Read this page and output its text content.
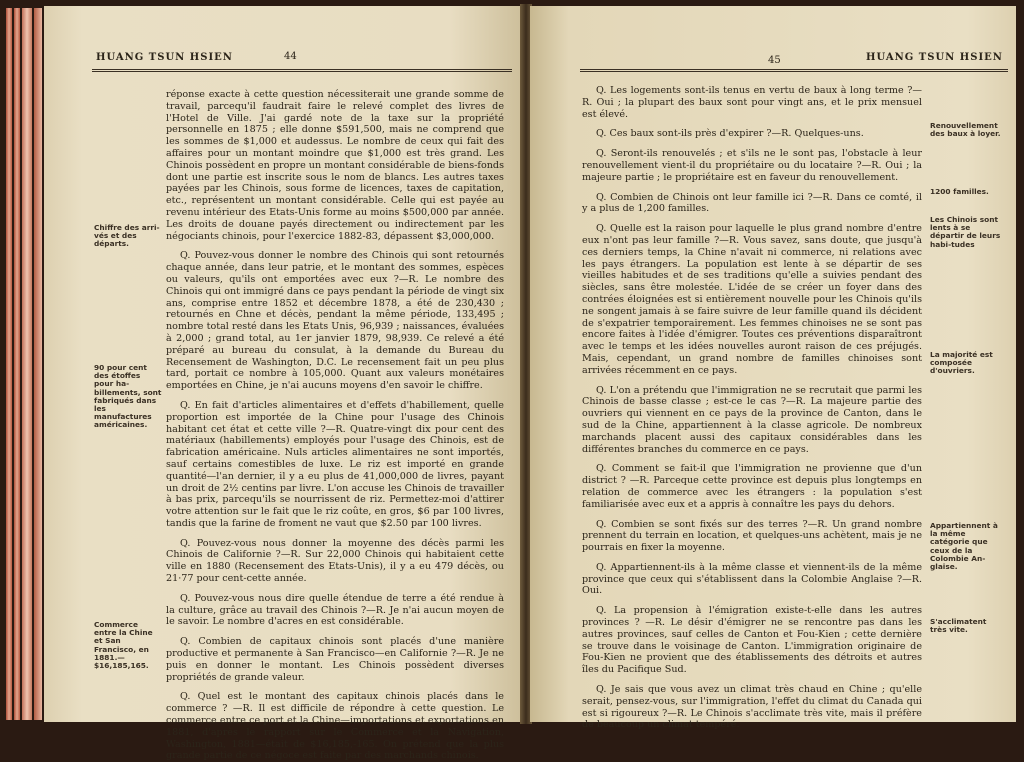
HUANG TSUN HSIEN	44

réponse exacte à cette question nécessiterait une grande somme de travail, parcequ'il faudrait faire le relevé complet des livres de l'Hotel de Ville. J'ai gardé note de la taxe sur la propriété personnelle en 1875 ; elle donne $591,500, mais ne comprend que les sommes de $1,000 et audessus. Le nombre de ceux qui fait des affaires pour un montant moindre que $1,000 est très grand. Les Chinois possèdent en propre un montant considérable de biens-fonds dont une partie est inscrite sous le nom de blancs. Les autres taxes payées par les Chinois, sous forme de licences, taxes de capitation, etc., représentent un montant considérable. Celle qui est payée au revenu intérieur des Etats-Unis forme au moins $500,000 par année. Les droits de douane payés directement ou indirectement par les négociants chinois, pour l'exercice 1882-83, dépassent $3,000,000.

Q. Pouvez-vous donner le nombre des Chinois qui sont retournés chaque année, dans leur patrie, et le montant des sommes, espèces ou valeurs, qu'ils ont emportées avec eux ?—R. Le nombre des Chinois qui ont immigré dans ce pays pendant la période de vingt six ans, comprise entre 1852 et décembre 1878, a été de 230,430 ; retournés en Chne et décès, pendant la même période, 133,495 ; nombre total resté dans les Etats Unis, 96,939 ; naissances, évaluées à 2,000 ; grand total, au 1er janvier 1879, 98,939. Ce relevé a été préparé au bureau du consulat, à la demande du Bureau du Recensement de Washington, D.C. Le recensement fait un peu plus tard, portait ce nombre à 105,000. Quant aux valeurs monétaires emportées en Chine, je n'ai aucuns moyens d'en savoir le chiffre.

Q. En fait d'articles alimentaires et d'effets d'habillement, quelle proportion est importée de la Chine pour l'usage des Chinois habitant cet état et cette ville ?—R. Quatre-vingt dix pour cent des matériaux (habillements) employés pour l'usage des Chinois, est de fabrication américaine. Nuls articles alimentaires ne sont importés, sauf certains comestibles de luxe. Le riz est importé en grande quantité—l'an dernier, il y a eu plus de 41,000,000 de livres, payant un droit de 2½ centins par livre. L'on accuse les Chinois de travailler à bas prix, parcequ'ils se nourrissent de riz. Permettez-moi d'attirer votre attention sur le fait que le riz coûte, en gros, $6 par 100 livres, tandis que la farine de froment ne vaut que $2.50 par 100 livres.

Q. Pouvez-vous nous donner la moyenne des décès parmi les Chinois de Californie ?—R. Sur 22,000 Chinois qui habitaient cette ville en 1880 (Recensement des Etats-Unis), il y a eu 479 décès, ou 21·77 pour cent-cette année.

Q. Pouvez-vous nous dire quelle étendue de terre a été rendue à la culture, grâce au travail des Chinois ?—R. Je n'ai aucun moyen de le savoir. Le nombre d'acres en est considérable.

Q. Combien de capitaux chinois sont placés d'une manière productive et permanente à San Francisco—en Californie ?—R. Je ne puis en donner le montant. Les Chinois possèdent diverses propriétés de grande valeur.

Q. Quel est le montant des capitaux chinois placés dans le commerce ? —R. Il est difficile de répondre à cette question. Le commerce entre ce port et la Chine—importations et exportations en 1881, d'après le rapport sur le Commerce et la Navigation, Washington, 1881—était de $16,185,-165. On prétend que la plus grande partie de ce négoce est faite par des marchands chinois.

Chiffre des arri-vés et des départs.
90 pour cent des étoffes pour ha-billements, sont fabriqués dans les manufactures américaines.
Commerce entre la Chine et San Francisco, en 1881.—$16,185,165.
45	HUANG TSUN HSIEN

Q. Les logements sont-ils tenus en vertu de baux à long terme ?— R. Oui ; la plupart des baux sont pour vingt ans, et le prix mensuel est élevé.

Q. Ces baux sont-ils près d'expirer ?—R. Quelques-uns.

Q. Seront-ils renouvelés ; et s'ils ne le sont pas, l'obstacle à leur renouvellement vient-il du propriétaire ou du locataire ?—R. Oui ; la majeure partie ; le propriétaire est en faveur du renouvellement.

Q. Combien de Chinois ont leur famille ici ?—R. Dans ce comté, il y a plus de 1,200 familles.

Q. Quelle est la raison pour laquelle le plus grand nombre d'entre eux n'ont pas leur famille ?—R. Vous savez, sans doute, que jusqu'à ces derniers temps, la Chine n'avait ni commerce, ni relations avec les pays étrangers. La population est lente à se départir de ses vieilles habitudes et de ses traditions qu'elle a suivies pendant des siècles, sans être molestée. L'idée de se créer un foyer dans des contrées éloignées est si entièrement nouvelle pour les Chinois qu'ils ne songent jamais à se faire suivre de leur famille quand ils décident de s'expatrier temporairement. Les femmes chinoises ne se sont pas encore faites à l'idée d'émigrer. Toutes ces préventions disparaîtront avec le temps et les idées nouvelles auront raison de ces préjugés. Mais, cependant, un grand nombre de familles chinoises sont arrivées récemment en ce pays.

Q. L'on a prétendu que l'immigration ne se recrutait que parmi les Chinois de basse classe ; est-ce le cas ?—R. La majeure partie des ouvriers qui viennent en ce pays de la province de Canton, dans le sud de la Chine, appartiennent à la classe agricole. De nombreux marchands placent aussi des capitaux considérables dans les différentes branches du commerce en ce pays.

Q. Comment se fait-il que l'immigration ne provienne que d'un district ? —R. Parceque cette province est depuis plus longtemps en relation de commerce avec les étrangers : la population s'est familiarisée avec eux et a appris à connaître les pays du dehors.

Q. Combien se sont fixés sur des terres ?—R. Un grand nombre prennent du terrain en location, et quelques-uns achètent, mais je ne pourrais en fixer la moyenne.

Q. Appartiennent-ils à la même classe et viennent-ils de la même province que ceux qui s'établissent dans la Colombie Anglaise ?—R. Oui.

Q. La propension à l'émigration existe-t-elle dans les autres provinces ? —R. Le désir d'émigrer ne se rencontre pas dans les autres provinces, sauf celles de Canton et Fou-Kien ; cette dernière se trouve dans le voisinage de Canton. L'immigration originaire de Fou-Kien ne provient que des établissements des détroits et autres îles du Pacifique Sud.

Q. Je sais que vous avez un climat très chaud en Chine ; qu'elle serait, pensez-vous, sur l'immigration, l'effet du climat du Canada qui est si rigoureux ?—R. Le Chinois s'acclimate très vite, mais il préfère de beaucoup un climat tempéré.

Renouvellement des baux à loyer.
1200 familles.
Les Chinois sont lents à se départir de leurs habi-tudes
La majorité est composée d'ouvriers.
Appartiennent à la même catégorie que ceux de la Colombie An-glaise.
S'acclimatent très vite.
